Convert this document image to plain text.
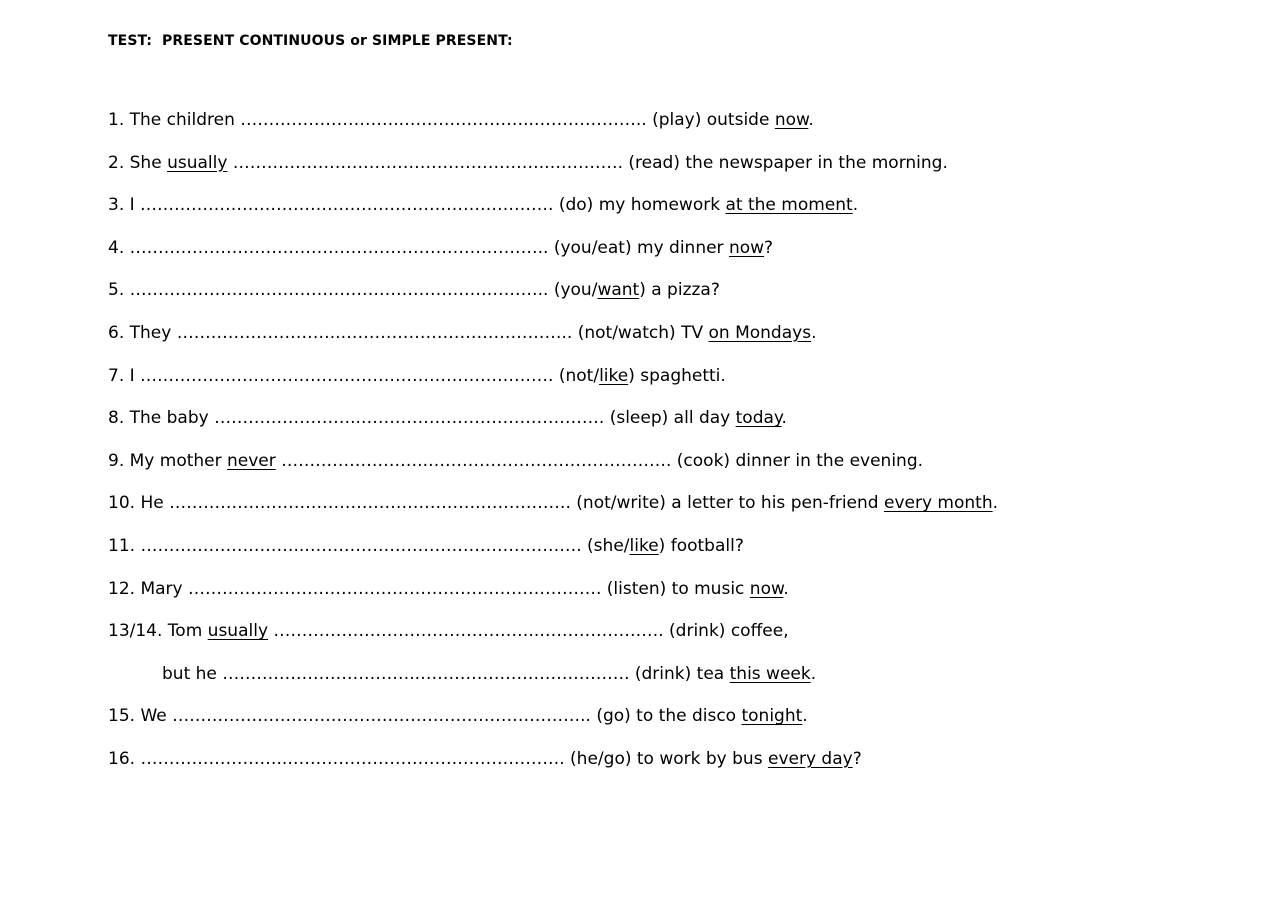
TEST:  PRESENT CONTINUOUS or SIMPLE PRESENT:
1. The children ………………………..…………………..……………….. (play) outside now.
2. She usually ………………………………………………..…………. (read) the newspaper in the morning.
3. I ………………………………………………………………. (do) my homework at the moment.
4. ……………………………………………………………….. (you/eat) my dinner now?
5. ……………………………………………………………….. (you/want) a pizza?
6. They ………………………..………………………………….. (not/watch) TV on Mondays.
7. I ………………………………………………………………. (not/like) spaghetti.
8. The baby ……………………..……………………………………. (sleep) all day today.
9. My mother never ……………………..……………………………………. (cook) dinner in the evening.
10. He ……………………………………………….……………. (not/write) a letter to his pen-friend every month.
11. ………………………..…………………………………………. (she/like) football?
12. Mary ………………………………………………………………. (listen) to music now.
13/14. Tom usually ………………………………………..…………………. (drink) coffee,
but he ……………………………..………………………………. (drink) tea this week.
15. We ……………………………………………………………….. (go) to the disco tonight.
16. ……………………..…………………………………………. (he/go) to work by bus every day?
